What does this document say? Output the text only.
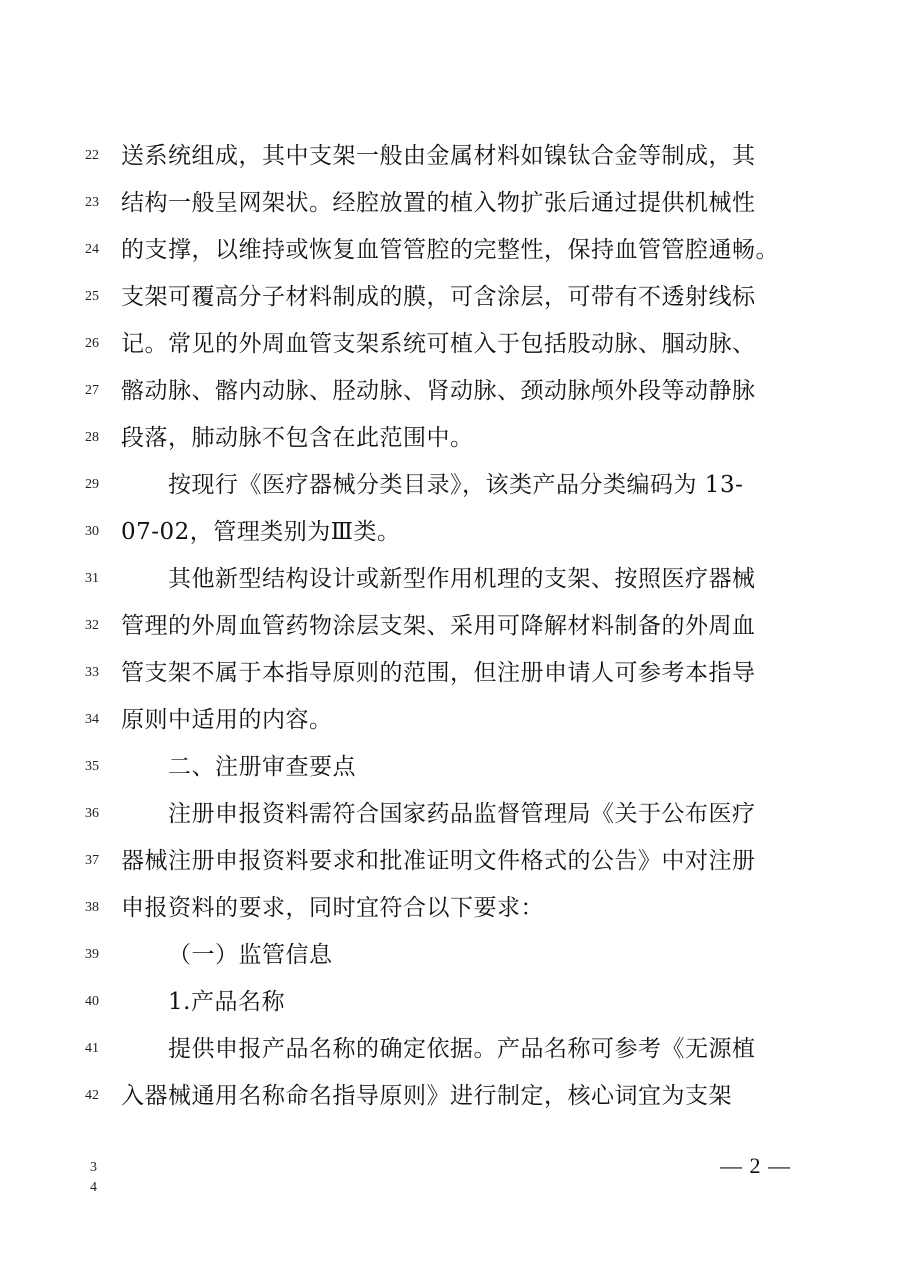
22 送系统组成，其中支架一般由金属材料如镍钛合金等制成，其
23 结构一般呈网架状。经腔放置的植入物扩张后通过提供机械性
24 的支撑，以维持或恢复血管管腔的完整性，保持血管管腔通畅。
25 支架可覆高分子材料制成的膜，可含涂层，可带有不透射线标
26 记。常见的外周血管支架系统可植入于包括股动脉、腘动脉、
27 髂动脉、髂内动脉、胫动脉、肾动脉、颈动脉颅外段等动静脉
28 段落，肺动脉不包含在此范围中。
29	按现行《医疗器械分类目录》，该类产品分类编码为 13-
30 07-02，管理类别为Ⅲ类。
31	其他新型结构设计或新型作用机理的支架、按照医疗器械
32 管理的外周血管药物涂层支架、采用可降解材料制备的外周血
33 管支架不属于本指导原则的范围，但注册申请人可参考本指导
34 原则中适用的内容。
35	二、注册审查要点
36	注册申报资料需符合国家药品监督管理局《关于公布医疗
37 器械注册申报资料要求和批准证明文件格式的公告》中对注册
38 申报资料的要求，同时宜符合以下要求：
39	（一）监管信息
40	1.产品名称
41	提供申报产品名称的确定依据。产品名称可参考《无源植
42 入器械通用名称命名指导原则》进行制定，核心词宜为支架
3
4
— 2 —
